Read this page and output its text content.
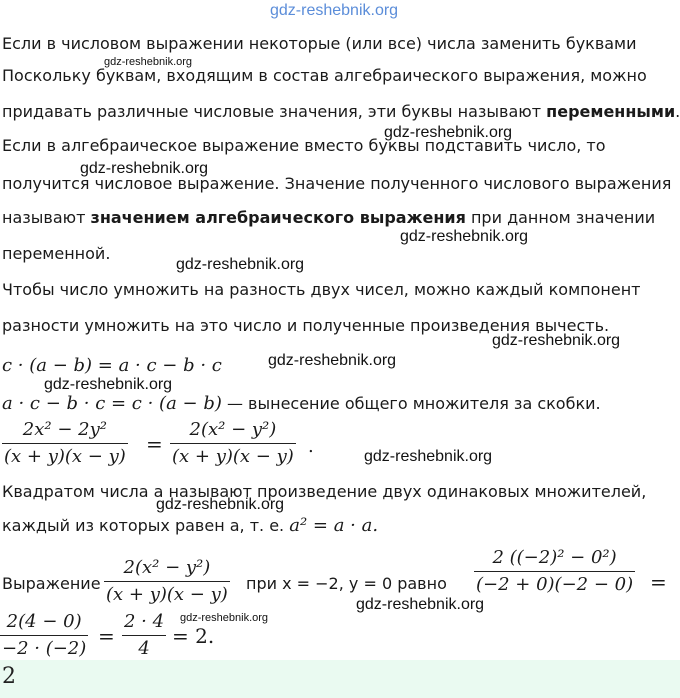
gdz-reshebnik.org
Если в числовом выражении некоторые (или все) числа заменить буквами
Поскольку буквам, входящим в состав алгебраического выражения, можно
придавать различные числовые значения, эти буквы называют переменными.
Если в алгебраическое выражение вместо буквы подставить число, то
получится числовое выражение. Значение полученного числового выражения
называют значением алгебраического выражения при данном значении
переменной.
Чтобы число умножить на разность двух чисел, можно каждый компонент
разности умножить на это число и полученные произведения вычесть.
c · (a − b) = a · c − b · c
a · c − b · c = c · (a − b) — вынесение общего множителя за скобки.
2x² − 2y²
(x + y)(x − y)
=
2(x² − y²)
(x + y)(x − y) .
Квадратом числа a называют произведение двух одинаковых множителей,
каждый из которых равен a, т. е. a² = a · a.
Выражение
2(x² − y²)
(x + y)(x − y)
при x = −2, y = 0 равно
2 ((−2)² − 0²)
(−2 + 0)(−2 − 0) =
2(4 − 0)
−2 · (−2)
=
2 · 4
4
= 2.
2
gdz-reshebnik.org
gdz-reshebnik.org
gdz-reshebnik.org
gdz-reshebnik.org
gdz-reshebnik.org
gdz-reshebnik.org
gdz-reshebnik.org
gdz-reshebnik.org
gdz-reshebnik.org
gdz-reshebnik.org
gdz-reshebnik.org
gdz-reshebnik.org
